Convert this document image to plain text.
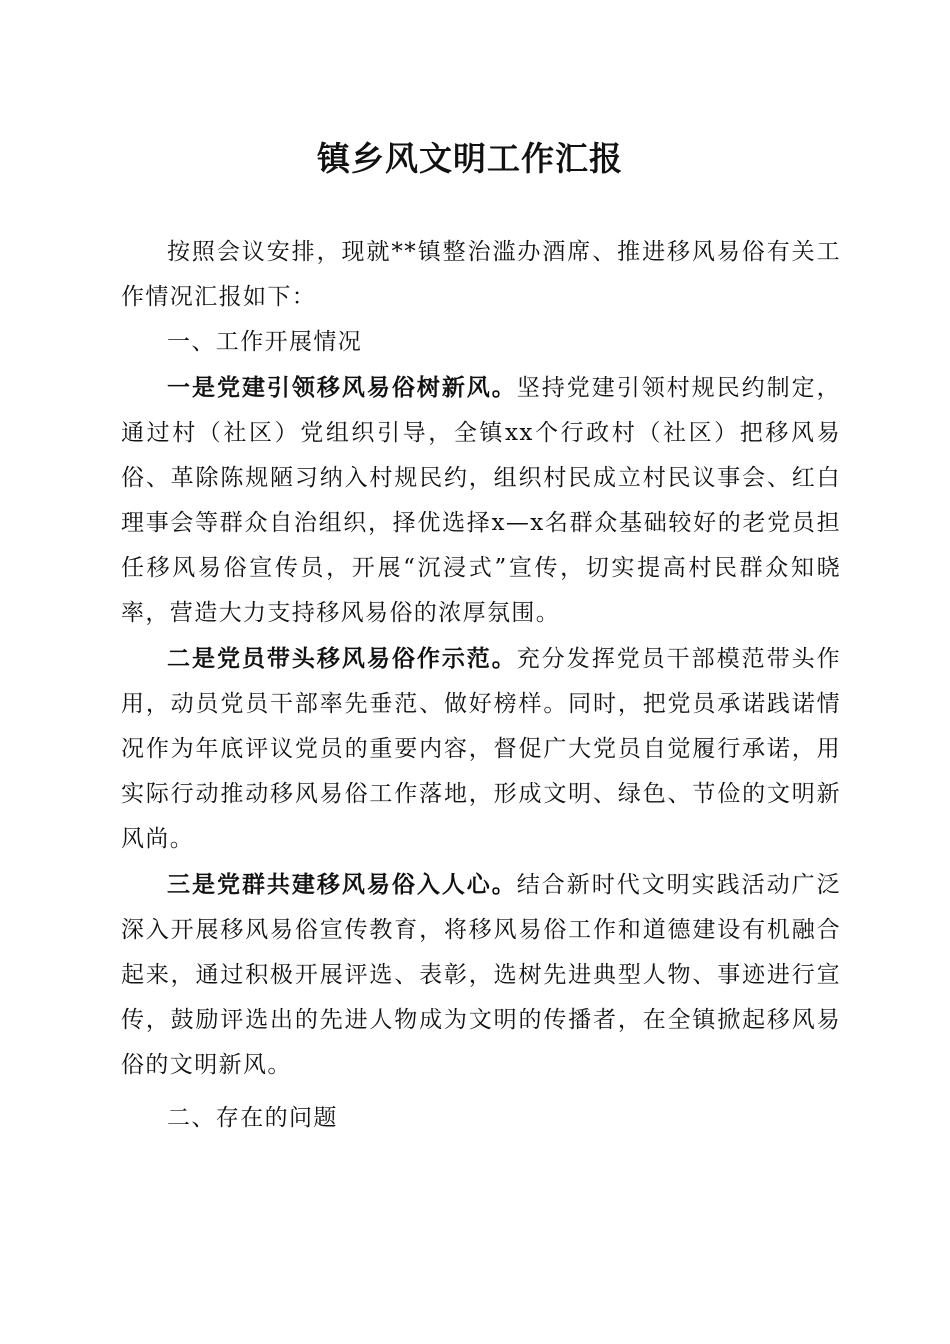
镇乡风文明工作汇报

按照会议安排，现就**镇整治滥办酒席、推进移风易俗有关工作情况汇报如下：

一、工作开展情况

一是党建引领移风易俗树新风。坚持党建引领村规民约制定，通过村（社区）党组织引导，全镇xx个行政村（社区）把移风易俗、革除陈规陋习纳入村规民约，组织村民成立村民议事会、红白理事会等群众自治组织，择优选择x—x名群众基础较好的老党员担任移风易俗宣传员，开展“沉浸式”宣传，切实提高村民群众知晓率，营造大力支持移风易俗的浓厚氛围。

二是党员带头移风易俗作示范。充分发挥党员干部模范带头作用，动员党员干部率先垂范、做好榜样。同时，把党员承诺践诺情况作为年底评议党员的重要内容，督促广大党员自觉履行承诺，用实际行动推动移风易俗工作落地，形成文明、绿色、节俭的文明新风尚。

三是党群共建移风易俗入人心。结合新时代文明实践活动广泛深入开展移风易俗宣传教育，将移风易俗工作和道德建设有机融合起来，通过积极开展评选、表彰，选树先进典型人物、事迹进行宣传，鼓励评选出的先进人物成为文明的传播者，在全镇掀起移风易俗的文明新风。

二、存在的问题
